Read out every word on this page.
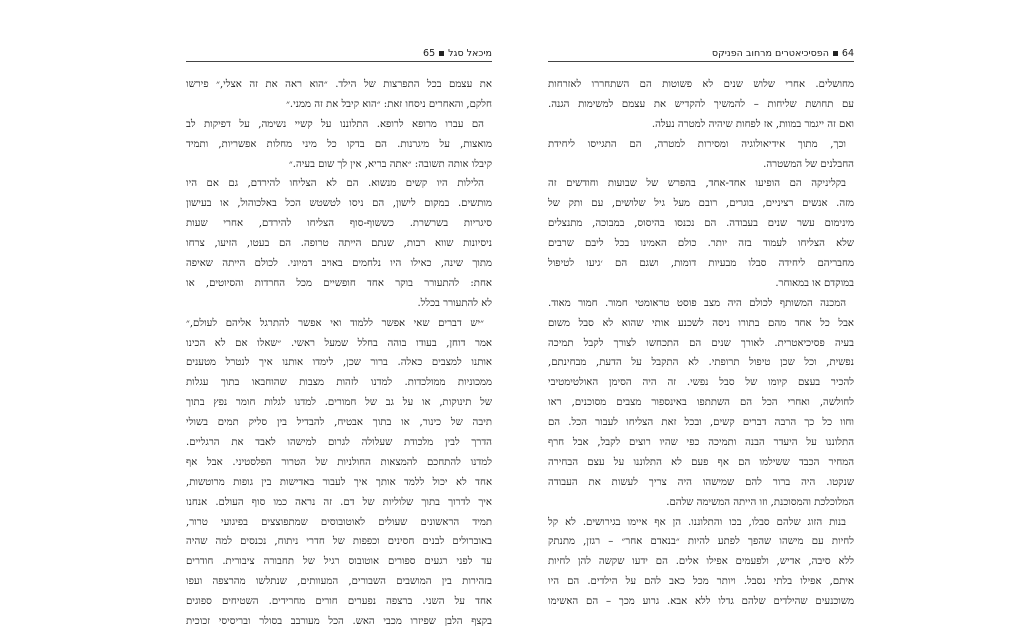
מיכאל סגל
65
את עצמם בכל התפרצות של הילד. ״הוא ראה את זה אצלי,״ פירשו
חלקם, והאחרים ניסחו זאת: ״הוא קיבל את זה ממני.״
הם עברו מרופא לרופא. התלוננו על קשיי נשימה, על דפיקות לב
מואצות, על מיגרנות. הם בדקו כל מיני מחלות אפשריות, ותמיד
קיבלו אותה תשובה: ״אתה בריא, אין לך שום בעיה.״
הלילות היו קשים מנשוא. הם לא הצליחו להירדם, גם אם היו
מותשים. במקום לישון, הם ניסו לטשטש הכל באלכוהול, או בעישון
סיגריות בשרשרת. כששוף-סוף הצליחו להירדם, אחרי שעות
ניסיונות שווא רבות, שנתם הייתה טרופה. הם בעטו, הזיעו, צרחו
מתוך שינה, כאילו היו נלחמים באויב דמיוני. לכולם הייתה שאיפה
אחת: להתעורר בוקר אחד חופשיים מכל החרדות והסיוטים, או
לא להתעורר בכלל.
״יש דברים שאי אפשר ללמוד ואי אפשר להתרגל אליהם לעולם,״
אמר דוחן, בעודו בוהה בחלל שמעל ראשי. ״שאלו אם לא הכינו
אותנו למצבים כאלה. ברור שכן, לימדו אותנו איך לנטרל מטענים
ממכוניות ממולכדות. למדנו לזהות מצבות שהוחבאו בתוך עגלות
של תינוקות, או על גב של חמורים. למדנו לגלות חומר נפץ בתוך
תיבה של כינור, או בתוך אבטיח, להבדיל בין סליק תמים בשולי
הדרך לבין מלכודת שעלולה לגרום למישהו לאבד את הרגליים.
למדנו להתחכם להמצאות החולניות של הטרור הפלסטיני. אבל אף
אחד לא יכול ללמד אותך איך לעבור באדישות בין גופות מרוטשות,
איך לדרוך בתוך שלוליות של דם. זה נראה כמו סוף העולם. אנחנו
תמיד הראשונים שעולים לאוטובוסים שמתפוצצים בפיגועי טרור,
באוברולים לבנים חסינים וכפפות של חדרי ניתוח, נכנסים למה שהיה
עד לפני רגעים ספורים אוטובוס רגיל של תחבורה ציבורית. חודרים
בזהירות בין המושבים השבורים, המעוותים, שנתלשו מהרצפה ועפו
אחד על השני. ברצפה נפערים חורים מחרידים. השטיחים ספוגים
בקצף הלבן שפיזרו מכבי האש. הכל מעורבב בסולר ובריסיסי זכוכית
64
הפסיכיאטרים מרחוב הפניקס
מחושלים. אחרי שלוש שנים לא פשוטות הם השתחררו לאזרחות
עם תחושת שליחות – להמשיך להקדיש את עצמם למשימות הגנה.
ואם זה ייגמר במוות, אז לפחות שיהיה למטרה נעלה.
וכך, מתוך אידיאולוגיה ומסירות למטרה, הם התגייסו ליחידת
החבלנים של המשטרה.
בקליניקה הם הופיעו אחד-אחד, בהפרש של שבועות וחודשים זה
מזה. אנשים רציניים, בוגרים, רובם מעל גיל שלושים, עם ותק של
מינימום עשר שנים בעבודה. הם נכנסו בהיסוס, במבוכה, מתנצלים
שלא הצליחו לעמוד בזה יותר. כולם האמינו בכל ליבם שרבים
מחבריהם ליחידה סבלו מבעיות דומות, ושגם הם ׳גיעו לטיפול
במוקדם או במאוחר.
המכנה המשותף לכולם היה מצב פוסט טראומטי חמור. חמור מאוד.
אבל כל אחד מהם בתורו ניסה לשכנע אותי שהוא לא סבל משום
בעיה פסיכיאטרית. לאורך שנים הם התכחשו לצורך לקבל תמיכה
נפשית, וכל שכן טיפול תרופתי. לא התקבל על הדעת, מבחינתם,
להכיר בעצם קיומו של סבל נפשי. זה היה הסימן האולטימטיבי
לחולשה, ואחרי הכל הם השתתפו באינספור מצבים מסוכנים, ראו
וחוו כל כך הרבה דברים קשים, ובכל זאת הצליחו לעבור הכל. הם
התלוננו על היעדר הבנה ותמיכה כפי שהיו רוצים לקבל, אבל חרף
המחיר הכבד ששילמו הם אף פעם לא התלוננו על עצם הבחירה
שנקטו. היה ברור להם שמישהו היה צריך לעשות את העבודה
המלוכלכת והמסוכנת, וזו הייתה המשימה שלהם.
בנות הזוג שלהם סבלו, בכו והתלוננו. הן אף איימו בגירושים. לא קל
לחיות עם מישהו שהפך לפתע להיות ״בנאדם אחר״ – רגזן, מתנתק
ללא סיבה, אדיש, ולפעמים אפילו אלים. הם ידעו שקשה להן לחיות
איתם, אפילו בלתי נסבל. ויותר מכל כאב להם על הילדים. הם היו
משוכנעים שהילדים שלהם גדלו ללא אבא. גרוע מכך – הם האשימו
